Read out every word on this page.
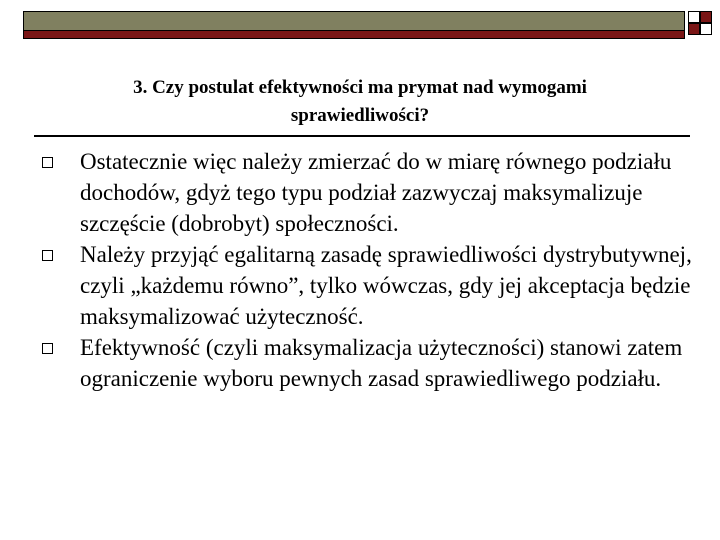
3. Czy postulat efektywności ma prymat nad wymogami
sprawiedliwości?
Ostatecznie więc należy zmierzać do w miarę równego podziału dochodów, gdyż tego typu podział zazwyczaj maksymalizuje szczęście (dobrobyt) społeczności.
Należy przyjąć egalitarną zasadę sprawiedliwości dystrybutywnej, czyli „każdemu równo”, tylko wówczas, gdy jej akceptacja będzie maksymalizować użyteczność.
Efektywność (czyli maksymalizacja użyteczności) stanowi zatem ograniczenie wyboru pewnych zasad sprawiedliwego podziału.
